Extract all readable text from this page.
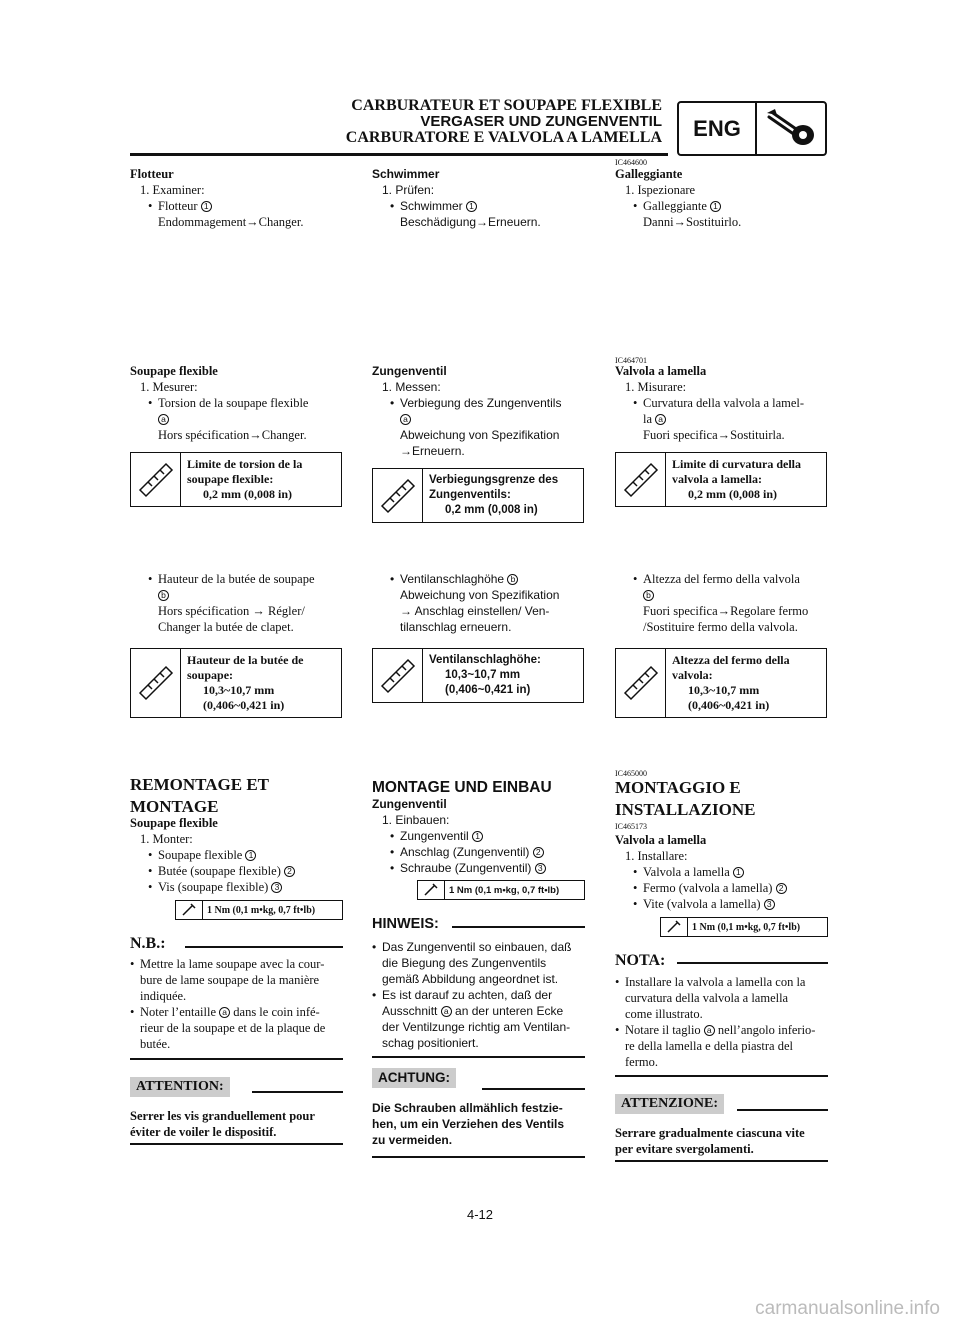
CARBURATEUR ET SOUPAPE FLEXIBLE
VERGASER UND ZUNGENVENTIL
CARBURATORE E VALVOLA A LAMELLA	ENG
IC464600
IC464701
IC465000
IC465173

Flotteur

1. Examiner:

• Flotteur 1

Endommagement→Changer.

Soupape flexible

1. Mesurer:

• Torsion de la soupape flexible

a

Hors spécification→Changer.

Limite de torsion de la
soupape flexible:
0,2 mm (0,008 in)

• Hauteur de la butée de soupape

b

Hors spécification → Régler/

Changer la butée de clapet.

Hauteur de la butée de
soupape:
10,3~10,7 mm
(0,406~0,421 in)
REMONTAGE ET
MONTAGE

Soupape flexible

1. Monter:

• Soupape flexible 1

• Butée (soupape flexible) 2

• Vis (soupape flexible) 3

1 Nm (0,1 m•kg, 0,7 ft•lb)
N.B.:

• Mettre la lame soupape avec la cour-

bure de lame soupape de la manière

indiquée.

• Noter l’entaille a dans le coin infé-

rieur de la soupape et de la plaque de

butée.

ATTENTION:

Serrer les vis granduellement pour

éviter de voiler le dispositif.

Schwimmer

1. Prüfen:

• Schwimmer 1

Beschädigung→Erneuern.

Zungenventil

1. Messen:

• Verbiegung des Zungenventils

a

Abweichung von Spezifikation

→Erneuern.

Verbiegungsgrenze des
Zungenventils:
0,2 mm (0,008 in)

• Ventilanschlaghöhe b

Abweichung von Spezifikation

→ Anschlag einstellen/ Ven-

tilanschlag erneuern.

Ventilanschlaghöhe:
10,3~10,7 mm
(0,406~0,421 in)
MONTAGE UND EINBAU

Zungenventil

1. Einbauen:

• Zungenventil 1

• Anschlag (Zungenventil) 2

• Schraube (Zungenventil) 3

1 Nm (0,1 m•kg, 0,7 ft•lb)
HINWEIS:

• Das Zungenventil so einbauen, daß

die Biegung des Zungenventils

gemäß Abbildung angeordnet ist.

• Es ist darauf zu achten, daß der

Ausschnitt a an der unteren Ecke

der Ventilzunge richtig am Ventilan-

schag positioniert.

ACHTUNG:

Die Schrauben allmählich festzie-

hen, um ein Verziehen des Ventils

zu vermeiden.

Galleggiante

1. Ispezionare

• Galleggiante 1

Danni→Sostituirlo.

Valvola a lamella

1. Misurare:

• Curvatura della valvola a lamel-

la a

Fuori specifica→Sostituirla.

Limite di curvatura della
valvola a lamella:
0,2 mm (0,008 in)

• Altezza del fermo della valvola

b

Fuori specifica→Regolare fermo

/Sostituire fermo della valvola.

Altezza del fermo della
valvola:
10,3~10,7 mm
(0,406~0,421 in)
MONTAGGIO E
INSTALLAZIONE

Valvola a lamella

1. Installare:

• Valvola a lamella 1

• Fermo (valvola a lamella) 2

• Vite (valvola a lamella) 3

1 Nm (0,1 m•kg, 0,7 ft•lb)
NOTA:

• Installare la valvola a lamella con la

curvatura della valvola a lamella

come illustrato.

• Notare il taglio a nell’angolo inferio-

re della lamella e della piastra del

fermo.

ATTENZIONE:

Serrare gradualmente ciascuna vite

per evitare svergolamenti.

4-12
carmanualsonline.info
